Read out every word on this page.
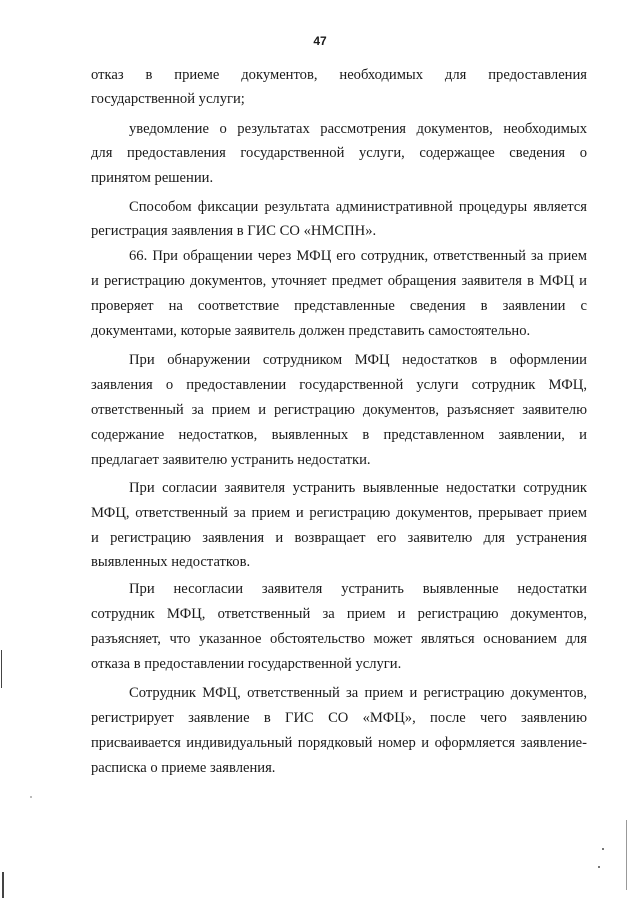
47
отказ в приеме документов, необходимых для предоставления
государственной услуги;
уведомление о результатах рассмотрения документов, необходимых
для предоставления государственной услуги, содержащее сведения о
принятом решении.
Способом фиксации результата административной процедуры является
регистрация заявления в ГИС СО «НМСПН».
66. При обращении через МФЦ его сотрудник, ответственный за прием
и регистрацию документов, уточняет предмет обращения заявителя в МФЦ и
проверяет на соответствие представленные сведения в заявлении с
документами, которые заявитель должен представить самостоятельно.
При обнаружении сотрудником МФЦ недостатков в оформлении
заявления о предоставлении государственной услуги сотрудник МФЦ,
ответственный за прием и регистрацию документов, разъясняет заявителю
содержание недостатков, выявленных в представленном заявлении, и
предлагает заявителю устранить недостатки.
При согласии заявителя устранить выявленные недостатки сотрудник
МФЦ, ответственный за прием и регистрацию документов, прерывает прием
и регистрацию заявления и возвращает его заявителю для устранения
выявленных недостатков.
При несогласии заявителя устранить выявленные недостатки
сотрудник МФЦ, ответственный за прием и регистрацию документов,
разъясняет, что указанное обстоятельство может являться основанием для
отказа в предоставлении государственной услуги.
Сотрудник МФЦ, ответственный за прием и регистрацию документов,
регистрирует заявление в ГИС СО «МФЦ», после чего заявлению
присваивается индивидуальный порядковый номер и оформляется заявление-
расписка о приеме заявления.
